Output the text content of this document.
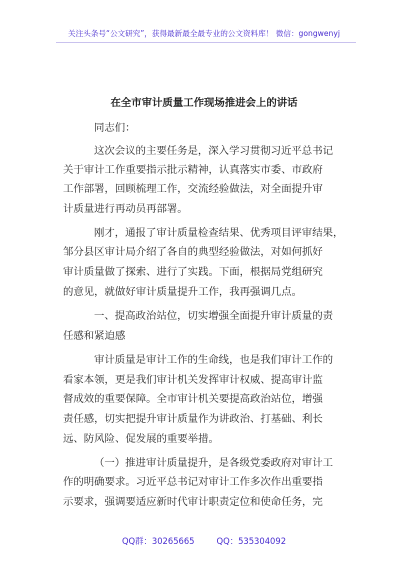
关注头条号“公文研究”，获得最新最全最专业的公文资料库！ 微信：gongwenyj
在全市审计质量工作现场推进会上的讲话
同志们：
这次会议的主要任务是，深入学习贯彻习近平总书记
关于审计工作重要指示批示精神，认真落实市委、市政府
工作部署，回顾梳理工作，交流经验做法，对全面提升审
计质量进行再动员再部署。
刚才，通报了审计质量检查结果、优秀项目评审结果，
邹分县区审计局介绍了各自的典型经验做法，对如何抓好
审计质量做了探索、进行了实践。下面，根据局党组研究
的意见，就做好审计质量提升工作，我再强调几点。
一、提高政治站位，切实增强全面提升审计质量的责
任感和紧迫感
审计质量是审计工作的生命线，也是我们审计工作的
看家本领，更是我们审计机关发挥审计权威、提高审计监
督成效的重要保障。全市审计机关要提高政治站位，增强
责任感，切实把提升审计质量作为讲政治、打基础、利长
远、防风险、促发展的重要举措。
（一）推进审计质量提升，是各级党委政府对审计工
作的明确要求。习近平总书记对审计工作多次作出重要指
示要求，强调要适应新时代审计职责定位和使命任务，完
QQ群：30265665	QQ：535304092
